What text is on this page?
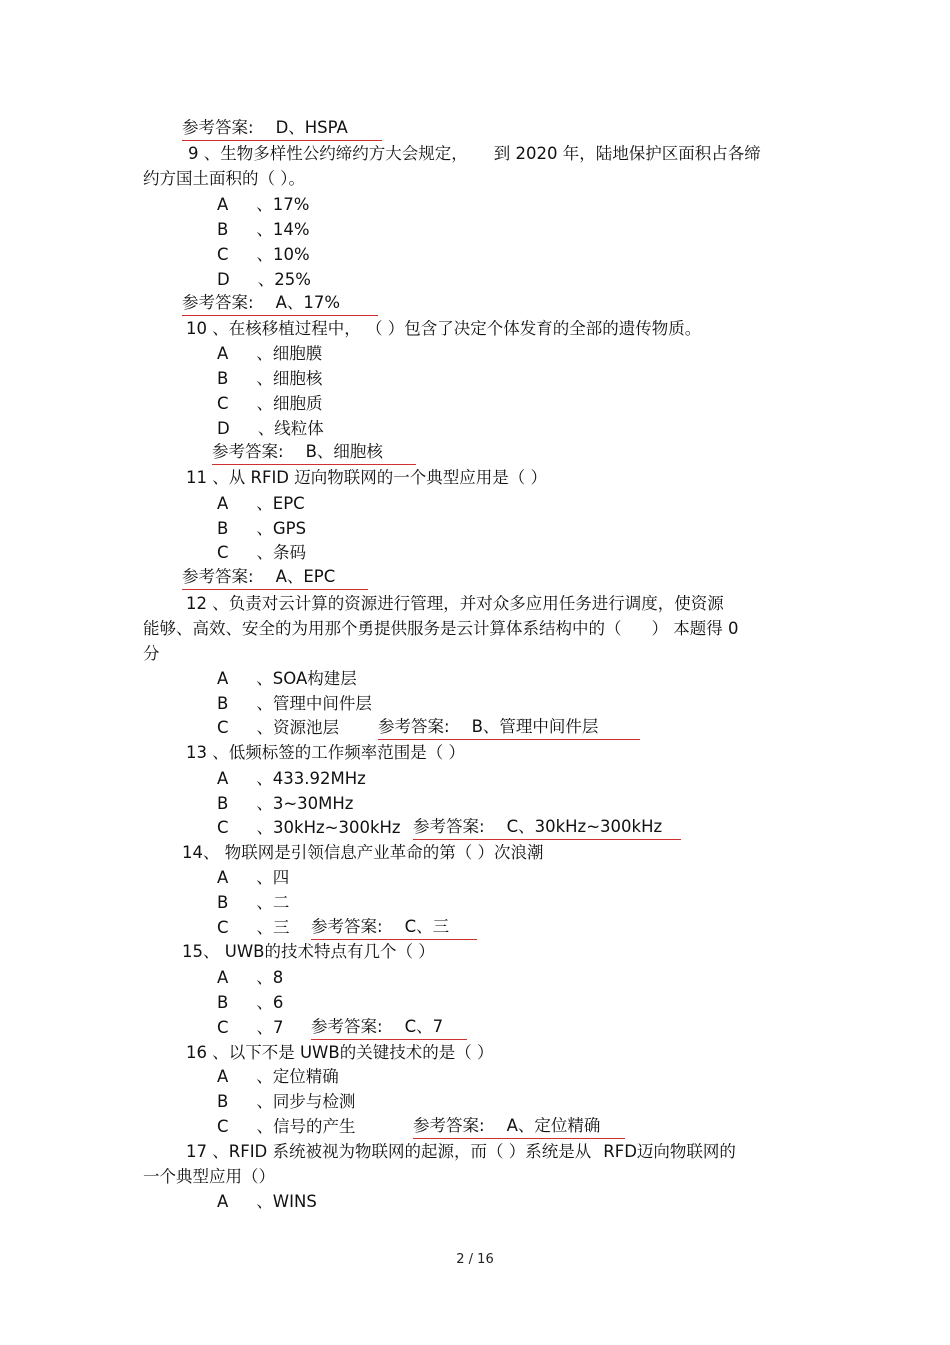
参考答案: D、HSPA
9 、生物多样性公约缔约方大会规定， 到 2020 年，陆地保护区面积占各缔
约方国土面积的（ ）。
A 、17%
B 、14%
C 、10%
D 、25%
参考答案: A、17%
10 、在核移植过程中， （ ）包含了决定个体发育的全部的遗传物质。
A 、细胞膜
B 、细胞核
C 、细胞质
D 、线粒体
参考答案: B、细胞核
11 、从 RFID 迈向物联网的一个典型应用是（ ）
A 、EPC
B 、GPS
C 、条码
参考答案: A、EPC
12 、负责对云计算的资源进行管理，并对众多应用任务进行调度，使资源
能够、高效、安全的为用那个勇提供服务是云计算体系结构中的（ ） 本题得 0
分
A 、SOA构建层
B 、管理中间件层
C 、资源池层 参考答案: B、管理中间件层
13 、低频标签的工作频率范围是（ ）
A 、433.92MHz
B 、3~30MHz
C 、30kHz~300kHz 参考答案: C、30kHz~300kHz
14、 物联网是引领信息产业革命的第（ ）次浪潮
A 、四
B 、二
C 、三 参考答案: C、三
15、 UWB的技术特点有几个（ ）
A 、8
B 、6
C 、7 参考答案: C、7
16 、以下不是 UWB的关键技术的是（ ）
A 、定位精确
B 、同步与检测
C 、信号的产生	参考答案: A、定位精确
17 、RFID 系统被视为物联网的起源，而（ ）系统是从 RFD迈向物联网的
一个典型应用（）
A 、WINS
2 / 16
